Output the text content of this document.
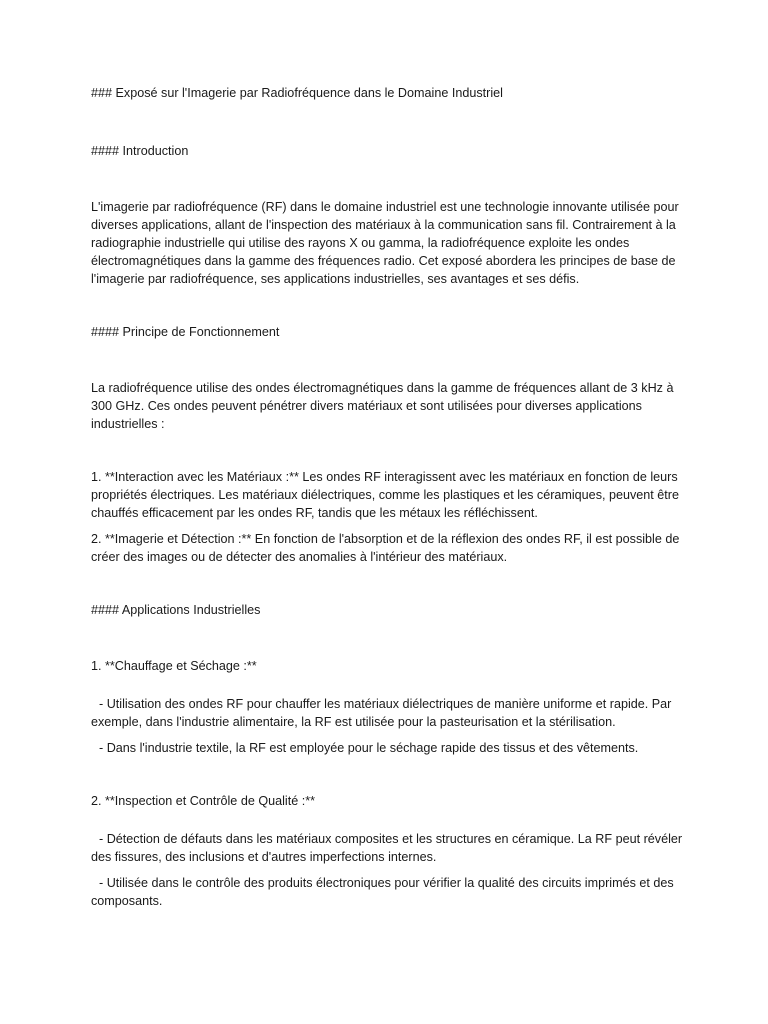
### Exposé sur l'Imagerie par Radiofréquence dans le Domaine Industriel

#### Introduction

L'imagerie par radiofréquence (RF) dans le domaine industriel est une technologie innovante utilisée pour diverses applications, allant de l'inspection des matériaux à la communication sans fil. Contrairement à la radiographie industrielle qui utilise des rayons X ou gamma, la radiofréquence exploite les ondes électromagnétiques dans la gamme des fréquences radio. Cet exposé abordera les principes de base de l'imagerie par radiofréquence, ses applications industrielles, ses avantages et ses défis.

#### Principe de Fonctionnement

La radiofréquence utilise des ondes électromagnétiques dans la gamme de fréquences allant de 3 kHz à 300 GHz. Ces ondes peuvent pénétrer divers matériaux et sont utilisées pour diverses applications industrielles :

1. **Interaction avec les Matériaux :** Les ondes RF interagissent avec les matériaux en fonction de leurs propriétés électriques. Les matériaux diélectriques, comme les plastiques et les céramiques, peuvent être chauffés efficacement par les ondes RF, tandis que les métaux les réfléchissent.

2. **Imagerie et Détection :** En fonction de l'absorption et de la réflexion des ondes RF, il est possible de créer des images ou de détecter des anomalies à l'intérieur des matériaux.

#### Applications Industrielles

1. **Chauffage et Séchage :**

- Utilisation des ondes RF pour chauffer les matériaux diélectriques de manière uniforme et rapide. Par exemple, dans l'industrie alimentaire, la RF est utilisée pour la pasteurisation et la stérilisation.

- Dans l'industrie textile, la RF est employée pour le séchage rapide des tissus et des vêtements.

2. **Inspection et Contrôle de Qualité :**

- Détection de défauts dans les matériaux composites et les structures en céramique. La RF peut révéler des fissures, des inclusions et d'autres imperfections internes.

- Utilisée dans le contrôle des produits électroniques pour vérifier la qualité des circuits imprimés et des composants.
